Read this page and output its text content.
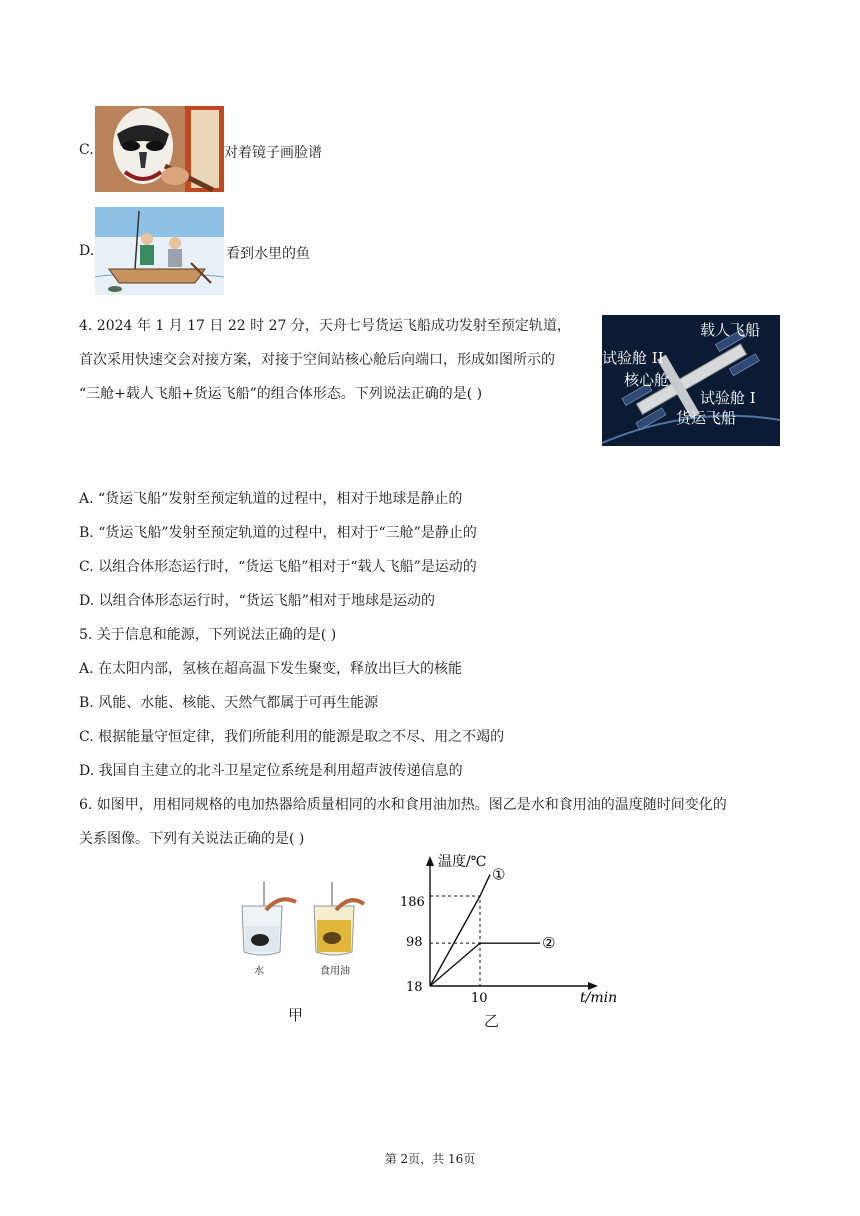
C.	对着镜子画脸谱
D.	看到水里的鱼
4. 2024 年 1 月 17 日 22 时 27 分，天舟七号货运飞船成功发射至预定轨道，
首次采用快速交会对接方案，对接于空间站核心舱后向端口，形成如图所示的
“三舱+载人飞船+货运飞船”的组合体形态。下列说法正确的是( )
载人飞船
试验舱 II
核心舱
试验舱 I
货运飞船
A. “货运飞船”发射至预定轨道的过程中，相对于地球是静止的
B. “货运飞船”发射至预定轨道的过程中，相对于“三舱”是静止的
C. 以组合体形态运行时，“货运飞船”相对于“载人飞船”是运动的
D. 以组合体形态运行时，“货运飞船”相对于地球是运动的
5. 关于信息和能源，下列说法正确的是( )
A. 在太阳内部，氢核在超高温下发生聚变，释放出巨大的核能
B. 风能、水能、核能、天然气都属于可再生能源
C. 根据能量守恒定律，我们所能利用的能源是取之不尽、用之不竭的
D. 我国自主建立的北斗卫星定位系统是利用超声波传递信息的
6. 如图甲，用相同规格的电加热器给质量相同的水和食用油加热。图乙是水和食用油的温度随时间变化的
关系图像。下列有关说法正确的是( )
水	食用油
甲
温度/℃
t/min
186
98
18
10
①
②
乙
第 2页，共 16页
